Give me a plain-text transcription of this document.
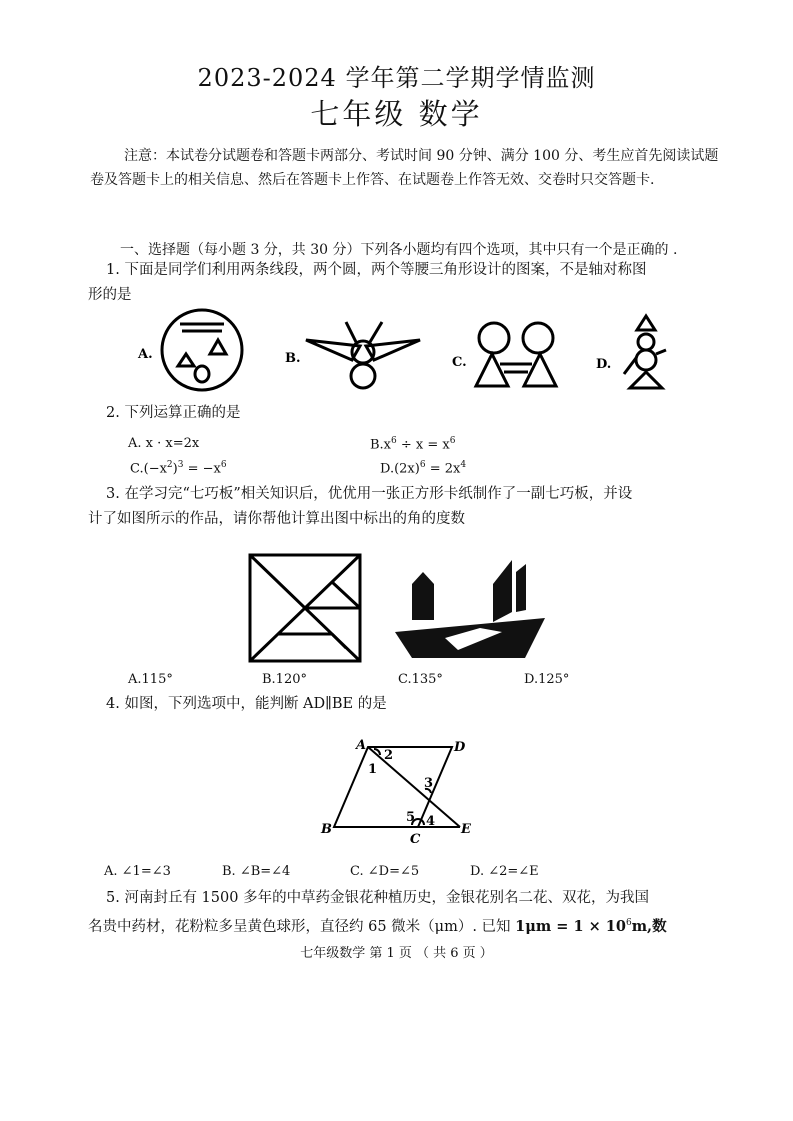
2023-2024 学年第二学期学情监测
七年级 数学
注意：本试卷分试题卷和答题卡两部分、考试时间 90 分钟、满分 100 分、考生应首先阅读试题卷及答题卡上的相关信息、然后在答题卡上作答、在试题卷上作答无效、交卷时只交答题卡.
一、选择题（每小题 3 分，共 30 分）下列各小题均有四个选项，其中只有一个是正确的 .
1. 下面是同学们利用两条线段，两个圆，两个等腰三角形设计的图案，不是轴对称图
形的是
A.	B.	C.	D.
2. 下列运算正确的是
A. x · x=2x	$B.x^6 \div x = x^6$
$C.(-x^2)^3 = -x^6$	$D.(2x)^6 = 2x^4$
3. 在学习完“七巧板”相关知识后，优优用一张正方形卡纸制作了一副七巧板，并设
计了如图所示的作品，请你帮他计算出图中标出的角的度数
A.115°	B.120°	C.135°	D.125°
4. 如图，下列选项中，能判断 AD∥BE 的是
A	D
B
C
E
1
2
3
4
5
A. ∠1=∠3	B. ∠B=∠4	C. ∠D=∠5	D. ∠2=∠E
5. 河南封丘有 1500 多年的中草药金银花种植历史，金银花别名二花、双花，为我国
名贵中药材，花粉粒多呈黄色球形，直径约 65 微米（μm）. 已知 $1\mu m = 1 \times 10^6m$,数
七年级数学 第 1 页 （ 共 6 页 ）
